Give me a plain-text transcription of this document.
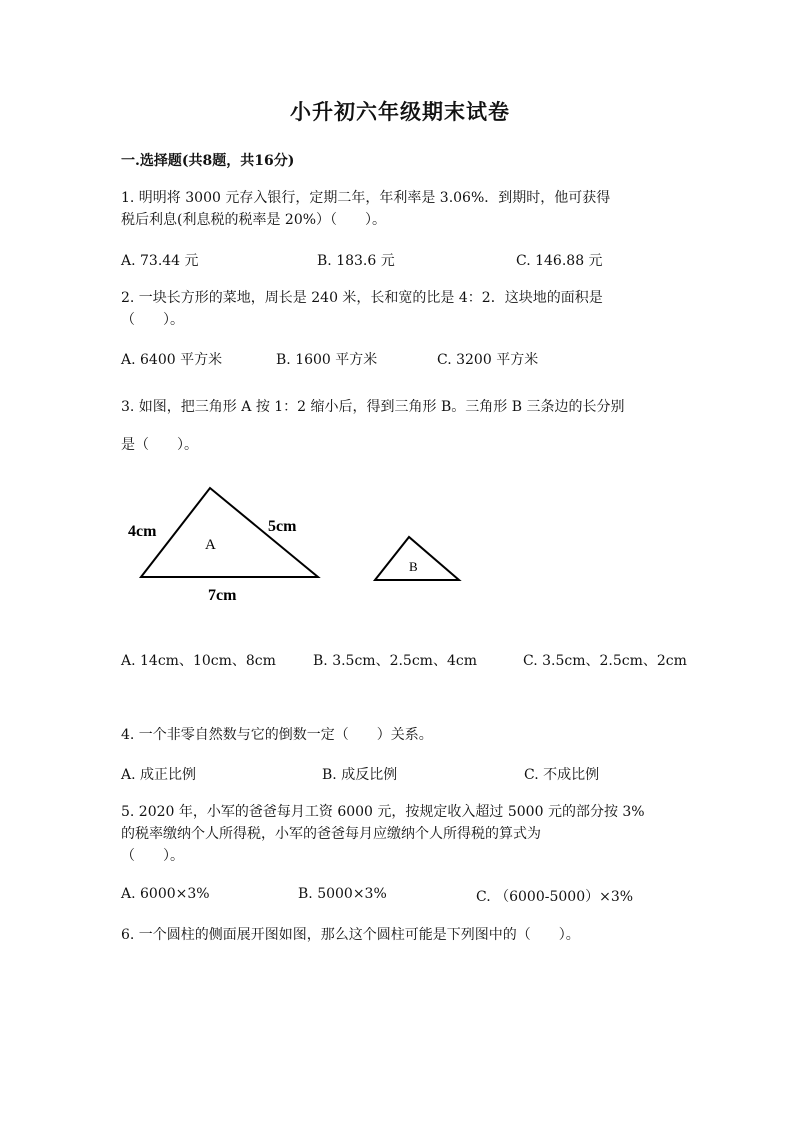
小升初六年级期末试卷
一.选择题(共8题，共16分)
1. 明明将 3000 元存入银行，定期二年，年利率是 3.06%．到期时，他可获得
税后利息(利息税的税率是 20%）（　　）。
A. 73.44 元	B. 183.6 元	C. 146.88 元
2. 一块长方形的菜地，周长是 240 米，长和宽的比是 4：2．这块地的面积是
（　　）。
A. 6400 平方米	B. 1600 平方米	C. 3200 平方米
3. 如图，把三角形 A 按 1：2 缩小后，得到三角形 B。三角形 B 三条边的长分别
是（　　）。
A
B
4cm	5cm
7cm
A. 14cm、10cm、8cm	B. 3.5cm、2.5cm、4cm	C. 3.5cm、2.5cm、2cm
4. 一个非零自然数与它的倒数一定（　　）关系。
A. 成正比例	B. 成反比例	C. 不成比例
5. 2020 年，小军的爸爸每月工资 6000 元，按规定收入超过 5000 元的部分按 3%
的税率缴纳个人所得税，小军的爸爸每月应缴纳个人所得税的算式为
（　　）。
A. 6000×3%	B. 5000×3%	C. （6000-5000）×3%
6. 一个圆柱的侧面展开图如图，那么这个圆柱可能是下列图中的（　　）。
